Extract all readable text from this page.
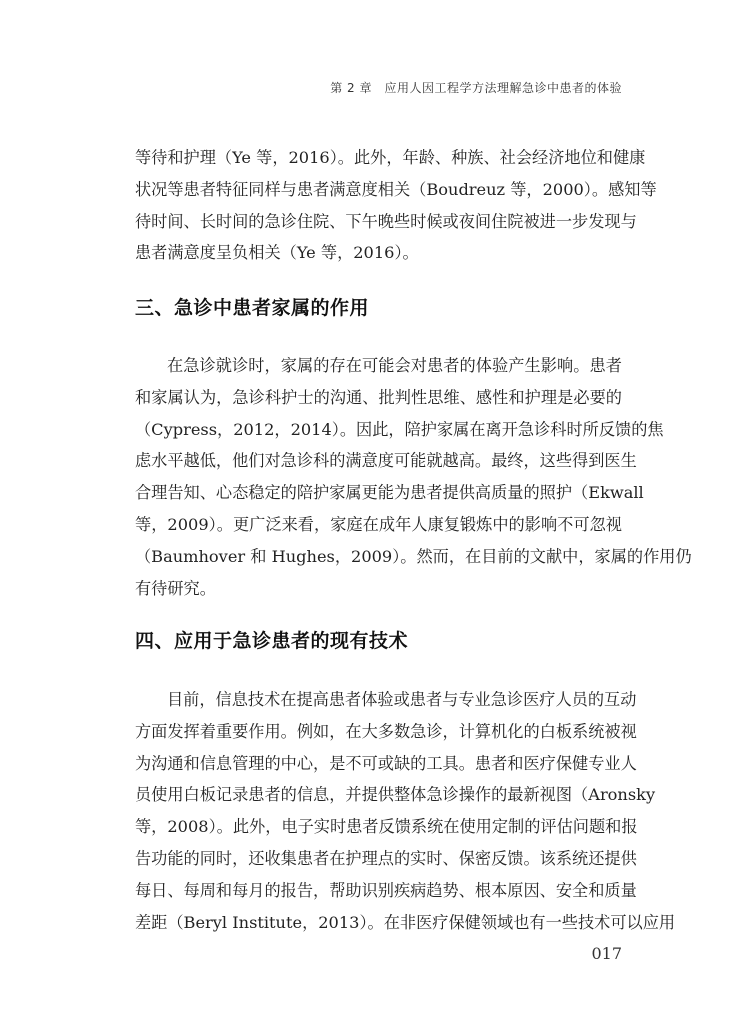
第 2 章　应用人因工程学方法理解急诊中患者的体验
等待和护理（Ye 等，2016）。此外，年龄、种族、社会经济地位和健康
状况等患者特征同样与患者满意度相关（Boudreuz 等，2000）。感知等
待时间、长时间的急诊住院、下午晚些时候或夜间住院被进一步发现与
患者满意度呈负相关（Ye 等，2016）。
三、急诊中患者家属的作用
在急诊就诊时，家属的存在可能会对患者的体验产生影响。患者
和家属认为，急诊科护士的沟通、批判性思维、感性和护理是必要的
（Cypress，2012，2014）。因此，陪护家属在离开急诊科时所反馈的焦
虑水平越低，他们对急诊科的满意度可能就越高。最终，这些得到医生
合理告知、心态稳定的陪护家属更能为患者提供高质量的照护（Ekwall
等，2009）。更广泛来看，家庭在成年人康复锻炼中的影响不可忽视
（Baumhover 和 Hughes，2009）。然而，在目前的文献中，家属的作用仍
有待研究。
四、应用于急诊患者的现有技术
目前，信息技术在提高患者体验或患者与专业急诊医疗人员的互动
方面发挥着重要作用。例如，在大多数急诊，计算机化的白板系统被视
为沟通和信息管理的中心，是不可或缺的工具。患者和医疗保健专业人
员使用白板记录患者的信息，并提供整体急诊操作的最新视图（Aronsky
等，2008）。此外，电子实时患者反馈系统在使用定制的评估问题和报
告功能的同时，还收集患者在护理点的实时、保密反馈。该系统还提供
每日、每周和每月的报告，帮助识别疾病趋势、根本原因、安全和质量
差距（Beryl Institute，2013）。在非医疗保健领域也有一些技术可以应用
017
